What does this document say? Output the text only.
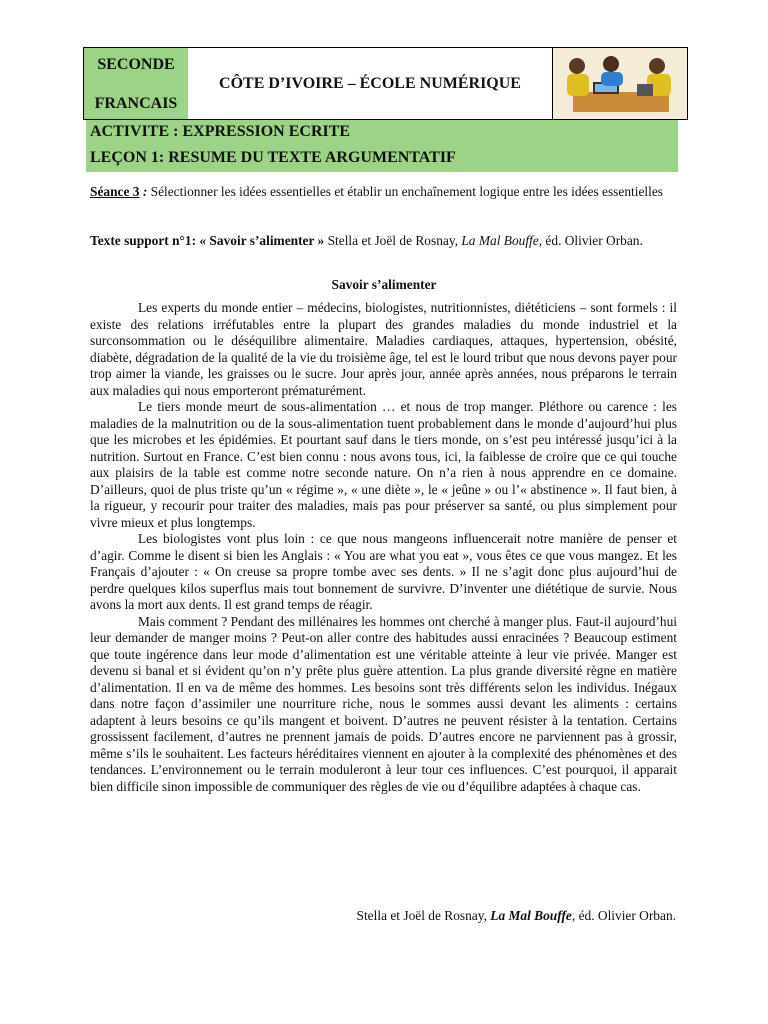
SECONDE
FRANCAIS
CÔTE D’IVOIRE – ÉCOLE NUMÉRIQUE
ACTIVITE : EXPRESSION ECRITE
LEÇON 1: RESUME DU TEXTE ARGUMENTATIF
Séance 3 : Sélectionner les idées essentielles et établir un enchaînement logique entre les idées essentielles
Texte support n°1: « Savoir s’alimenter » Stella et Joël de Rosnay, La Mal Bouffe, éd. Olivier Orban.
Savoir s’alimenter

Les experts du monde entier – médecins, biologistes, nutritionnistes, diététiciens – sont formels : il existe des relations irréfutables entre la plupart des grandes maladies du monde industriel et la surconsommation ou le déséquilibre alimentaire. Maladies cardiaques, attaques, hypertension, obésité, diabète, dégradation de la qualité de la vie du troisième âge, tel est le lourd tribut que nous devons payer pour trop aimer la viande, les graisses ou le sucre. Jour après jour, année après années, nous préparons le terrain aux maladies qui nous emporteront prématurément.

Le tiers monde meurt de sous-alimentation … et nous de trop manger. Pléthore ou carence : les maladies de la malnutrition ou de la sous-alimentation tuent probablement dans le monde d’aujourd’hui plus que les microbes et les épidémies. Et pourtant sauf dans le tiers monde, on s’est peu intéressé jusqu’ici à la nutrition. Surtout en France. C’est bien connu : nous avons tous, ici, la faiblesse de croire que ce qui touche aux plaisirs de la table est comme notre seconde nature. On n’a rien à nous apprendre en ce domaine. D’ailleurs, quoi de plus triste qu’un « régime », « une diète », le « jeûne » ou l’« abstinence ». Il faut bien, à la rigueur, y recourir pour traiter des maladies, mais pas pour préserver sa santé, ou plus simplement pour vivre mieux et plus longtemps.

Les biologistes vont plus loin : ce que nous mangeons influencerait notre manière de penser et d’agir. Comme le disent si bien les Anglais : « You are what you eat », vous êtes ce que vous mangez. Et les Français d’ajouter : « On creuse sa propre tombe avec ses dents. » Il ne s’agit donc plus aujourd’hui de perdre quelques kilos superflus mais tout bonnement de survivre. D’inventer une diététique de survie. Nous avons la mort aux dents. Il est grand temps de réagir.

Mais comment ? Pendant des millénaires les hommes ont cherché à manger plus. Faut-il aujourd’hui leur demander de manger moins ? Peut-on aller contre des habitudes aussi enracinées ? Beaucoup estiment que toute ingérence dans leur mode d’alimentation est une véritable atteinte à leur vie privée. Manger est devenu si banal et si évident qu’on n’y prête plus guère attention. La plus grande diversité règne en matière d’alimentation. Il en va de même des hommes. Les besoins sont très différents selon les individus. Inégaux dans notre façon d’assimiler une nourriture riche, nous le sommes aussi devant les aliments : certains adaptent à leurs besoins ce qu’ils mangent et boivent. D’autres ne peuvent résister à la tentation. Certains grossissent facilement, d’autres ne prennent jamais de poids. D’autres encore ne parviennent pas à grossir, même s’ils le souhaitent. Les facteurs héréditaires viennent en ajouter à la complexité des phénomènes et des tendances. L’environnement ou le terrain moduleront à leur tour ces influences. C’est pourquoi, il apparait bien difficile sinon impossible de communiquer des règles de vie ou d’équilibre adaptées à chaque cas.

Stella et Joël de Rosnay, La Mal Bouffe, éd. Olivier Orban.
